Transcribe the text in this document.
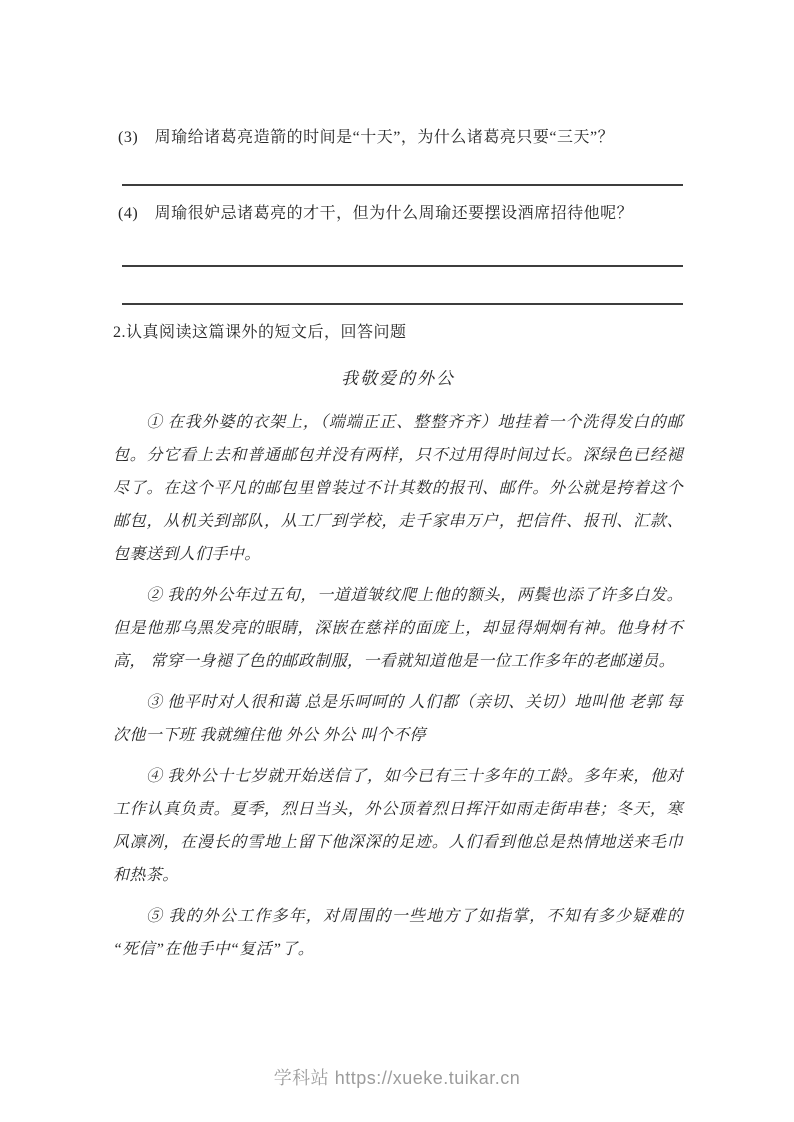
(3) 周瑜给诸葛亮造箭的时间是“十天”，为什么诸葛亮只要“三天”？

(4) 周瑜很妒忌诸葛亮的才干，但为什么周瑜还要摆设酒席招待他呢？

2.认真阅读这篇课外的短文后，回答问题

我敬爱的外公

① 在我外婆的衣架上，（端端正正、整整齐齐）地挂着一个洗得发白的邮包。分它看上去和普通邮包并没有两样，只不过用得时间过长。深绿色已经褪尽了。在这个平凡的邮包里曾装过不计其数的报刊、邮件。外公就是挎着这个邮包，从机关到部队，从工厂到学校，走千家串万户，把信件、报刊、汇款、包裹送到人们手中。

② 我的外公年过五旬，一道道皱纹爬上他的额头，两鬓也添了许多白发。但是他那乌黑发亮的眼睛，深嵌在慈祥的面庞上，却显得炯炯有神。他身材不高， 常穿一身褪了色的邮政制服，一看就知道他是一位工作多年的老邮递员。

③ 他平时对人很和蔼 总是乐呵呵的 人们都（亲切、关切）地叫他 老郭 每次他一下班 我就缠住他 外公 外公 叫个不停

④ 我外公十七岁就开始送信了，如今已有三十多年的工龄。多年来，他对工作认真负责。夏季，烈日当头，外公顶着烈日挥汗如雨走街串巷；冬天，寒风凛冽，在漫长的雪地上留下他深深的足迹。人们看到他总是热情地送来毛巾和热茶。

⑤ 我的外公工作多年，对周围的一些地方了如指掌，不知有多少疑难的“死信”在他手中“复活”了。

学科站 https://xueke.tuikar.cn
